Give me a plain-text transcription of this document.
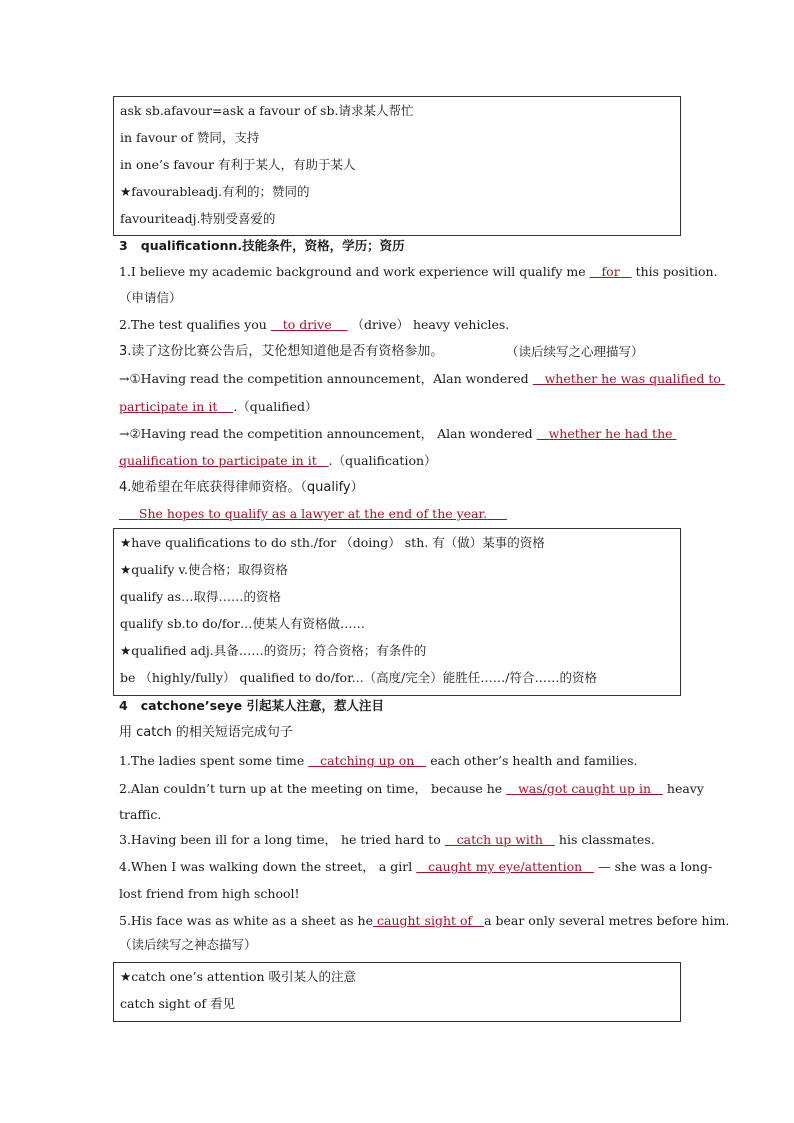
ask sb.afavour=ask a favour of sb.请求某人帮忙
in favour of 赞同，支持
in one’s favour 有利于某人，有助于某人
★favourableadj.有利的；赞同的
favouriteadj.特别受喜爱的
3 qualificationn.技能条件，资格，学历；资历
1.I believe my academic background and work experience will qualify me for this position.
（申请信）
2.The test qualifies you to drive （drive） heavy vehicles.
3.读了这份比赛公告后，艾伦想知道他是否有资格参加。	（读后续写之心理描写）
→①Having read the competition announcement，Alan wondered whether he was qualified to
participate in it .（qualified）
→②Having read the competition announcement， Alan wondered whether he had the
qualification to participate in it .（qualification）
4.她希望在年底获得律师资格。（qualify）
She hopes to qualify as a lawyer at the end of the year.
★have qualifications to do sth./for （doing） sth. 有（做）某事的资格
★qualify v.使合格；取得资格
qualify as…取得……的资格
qualify sb.to do/for…使某人有资格做……
★qualified adj.具备……的资历；符合资格；有条件的
be （highly/fully） qualified to do/for...（高度/完全）能胜任……/符合……的资格
4 catchone’seye 引起某人注意，惹人注目
用 catch 的相关短语完成句子
1.The ladies spent some time catching up on each other’s health and families.
2.Alan couldn’t turn up at the meeting on time， because he was/got caught up in heavy
traffic.
3.Having been ill for a long time， he tried hard to catch up with his classmates.
4.When I was walking down the street， a girl caught my eye/attention — she was a long-
lost friend from high school!
5.His face was as white as a sheet as he caught sight of a bear only several metres before him.
（读后续写之神态描写）
★catch one’s attention 吸引某人的注意
catch sight of 看见
